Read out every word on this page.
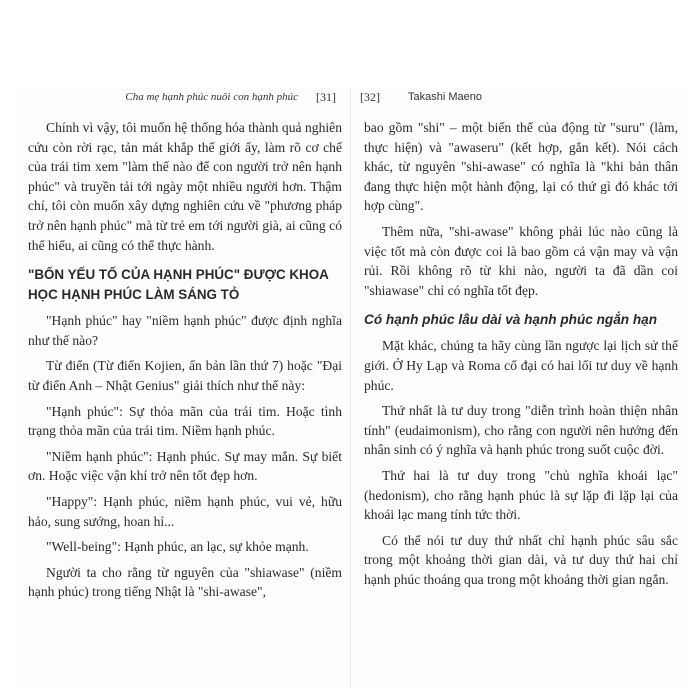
Cha mẹ hạnh phúc nuôi con hạnh phúc [31]

Chính vì vậy, tôi muốn hệ thống hóa thành quả nghiên cứu còn rời rạc, tản mát khắp thế giới ấy, làm rõ cơ chế của trái tim xem "làm thế nào để con người trở nên hạnh phúc" và truyền tải tới ngày một nhiều người hơn. Thậm chí, tôi còn muốn xây dựng nghiên cứu về "phương pháp trở nên hạnh phúc" mà từ trẻ em tới người già, ai cũng có thể hiểu, ai cũng có thể thực hành.

"BỐN YẾU TỐ CỦA HẠNH PHÚC" ĐƯỢC KHOA HỌC HẠNH PHÚC LÀM SÁNG TỎ

"Hạnh phúc" hay "niềm hạnh phúc" được định nghĩa như thế nào?

Từ điển (Từ điển Kojien, ấn bản lần thứ 7) hoặc "Đại từ điển Anh – Nhật Genius" giải thích như thế này:

"Hạnh phúc": Sự thỏa mãn của trái tim. Hoặc tình trạng thỏa mãn của trái tim. Niềm hạnh phúc.

"Niềm hạnh phúc": Hạnh phúc. Sự may mắn. Sự biết ơn. Hoặc việc vận khí trở nên tốt đẹp hơn.

"Happy": Hạnh phúc, niềm hạnh phúc, vui vẻ, hữu hảo, sung sướng, hoan hỉ...

"Well-being": Hạnh phúc, an lạc, sự khỏe mạnh.

Người ta cho rằng từ nguyên của "shiawase" (niềm hạnh phúc) trong tiếng Nhật là "shi-awase",

[32]	Takashi Maeno

bao gồm "shi" – một biến thể của động từ "suru" (làm, thực hiện) và "awaseru" (kết hợp, gắn kết). Nói cách khác, từ nguyên "shi-awase" có nghĩa là "khi bản thân đang thực hiện một hành động, lại có thứ gì đó khác tới hợp cùng".

Thêm nữa, "shi-awase" không phải lúc nào cũng là việc tốt mà còn được coi là bao gồm cả vận may và vận rủi. Rồi không rõ từ khi nào, người ta đã dần coi "shiawase" chỉ có nghĩa tốt đẹp.

Có hạnh phúc lâu dài và hạnh phúc ngắn hạn

Mặt khác, chúng ta hãy cùng lần ngược lại lịch sử thế giới. Ở Hy Lạp và Roma cổ đại có hai lối tư duy về hạnh phúc.

Thứ nhất là tư duy trong "diễn trình hoàn thiện nhân tính" (eudaimonism), cho rằng con người nên hướng đến nhân sinh có ý nghĩa và hạnh phúc trong suốt cuộc đời.

Thứ hai là tư duy trong "chủ nghĩa khoái lạc" (hedonism), cho rằng hạnh phúc là sự lặp đi lặp lại của khoái lạc mang tính tức thời.

Có thể nói tư duy thứ nhất chỉ hạnh phúc sâu sắc trong một khoảng thời gian dài, và tư duy thứ hai chỉ hạnh phúc thoáng qua trong một khoảng thời gian ngắn.
